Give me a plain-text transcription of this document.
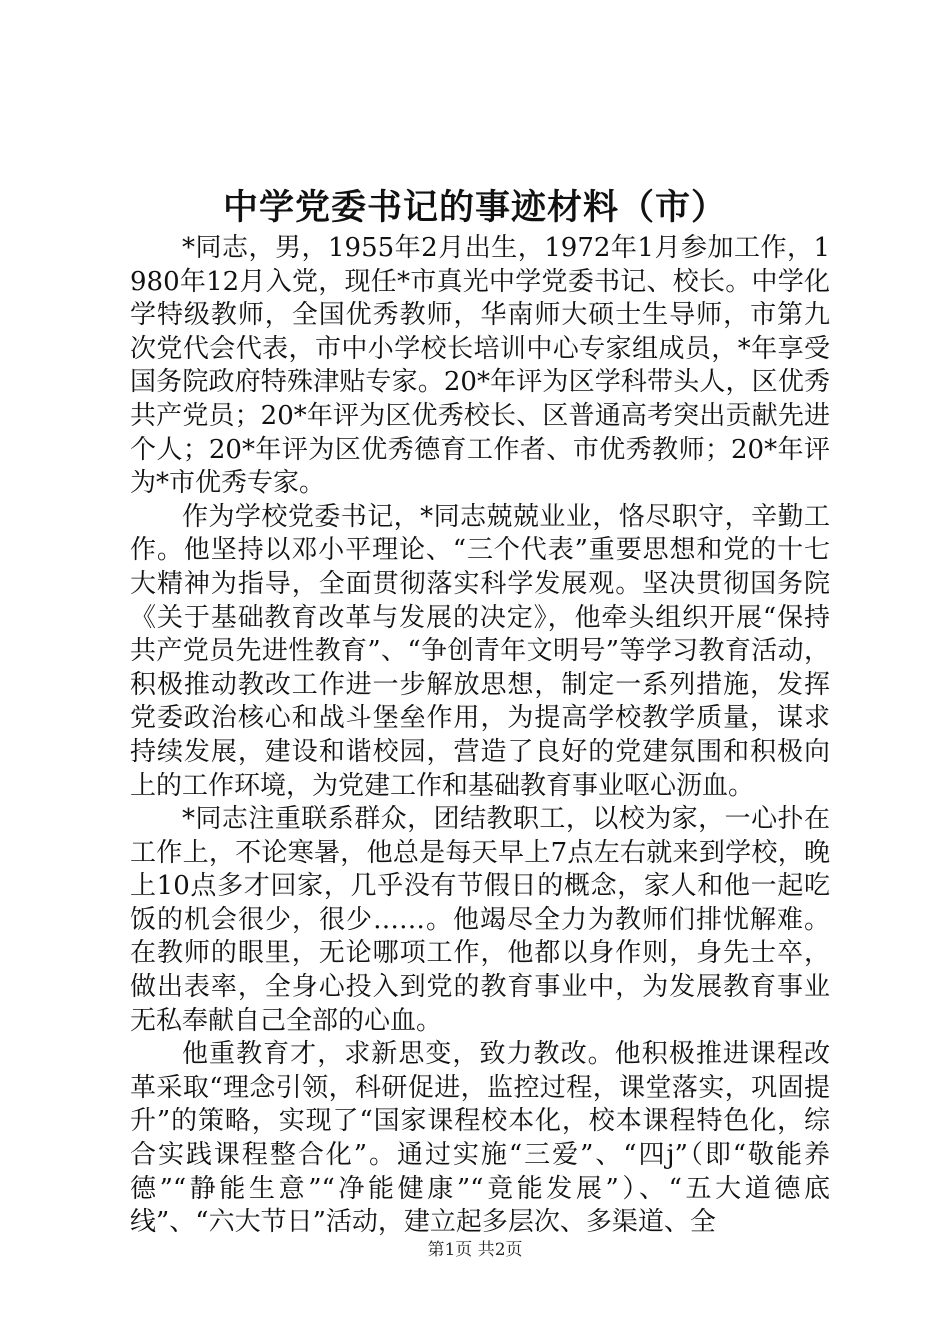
中学党委书记的事迹材料（市）

*同志，男，1955年2月出生，1972年1月参加工作，1980年12月入党，现任*市真光中学党委书记、校长。中学化学特级教师，全国优秀教师，华南师大硕士生导师，市第九次党代会代表，市中小学校长培训中心专家组成员，*年享受国务院政府特殊津贴专家。20*年评为区学科带头人，区优秀共产党员；20*年评为区优秀校长、区普通高考突出贡献先进个人；20*年评为区优秀德育工作者、市优秀教师；20*年评为*市优秀专家。

作为学校党委书记，*同志兢兢业业，恪尽职守，辛勤工作。他坚持以邓小平理论、“三个代表”重要思想和党的十七大精神为指导，全面贯彻落实科学发展观。坚决贯彻国务院《关于基础教育改革与发展的决定》，他牵头组织开展“保持共产党员先进性教育”、“争创青年文明号”等学习教育活动，积极推动教改工作进一步解放思想，制定一系列措施，发挥党委政治核心和战斗堡垒作用，为提高学校教学质量，谋求持续发展，建设和谐校园，营造了良好的党建氛围和积极向上的工作环境，为党建工作和基础教育事业呕心沥血。

*同志注重联系群众，团结教职工，以校为家，一心扑在工作上，不论寒暑，他总是每天早上7点左右就来到学校，晚上10点多才回家，几乎没有节假日的概念，家人和他一起吃饭的机会很少，很少……。他竭尽全力为教师们排忧解难。在教师的眼里，无论哪项工作，他都以身作则，身先士卒，做出表率，全身心投入到党的教育事业中，为发展教育事业无私奉献自己全部的心血。

他重教育才，求新思变，致力教改。他积极推进课程改革采取“理念引领，科研促进，监控过程，课堂落实，巩固提升”的策略，实现了“国家课程校本化，校本课程特色化，综合实践课程整合化”。通过实施“三爱”、“四j”（即“敬能养德”“静能生意”“净能健康”“竟能发展”）、“五大道德底线”、“六大节日”活动，建立起多层次、多渠道、全

第1页 共2页
